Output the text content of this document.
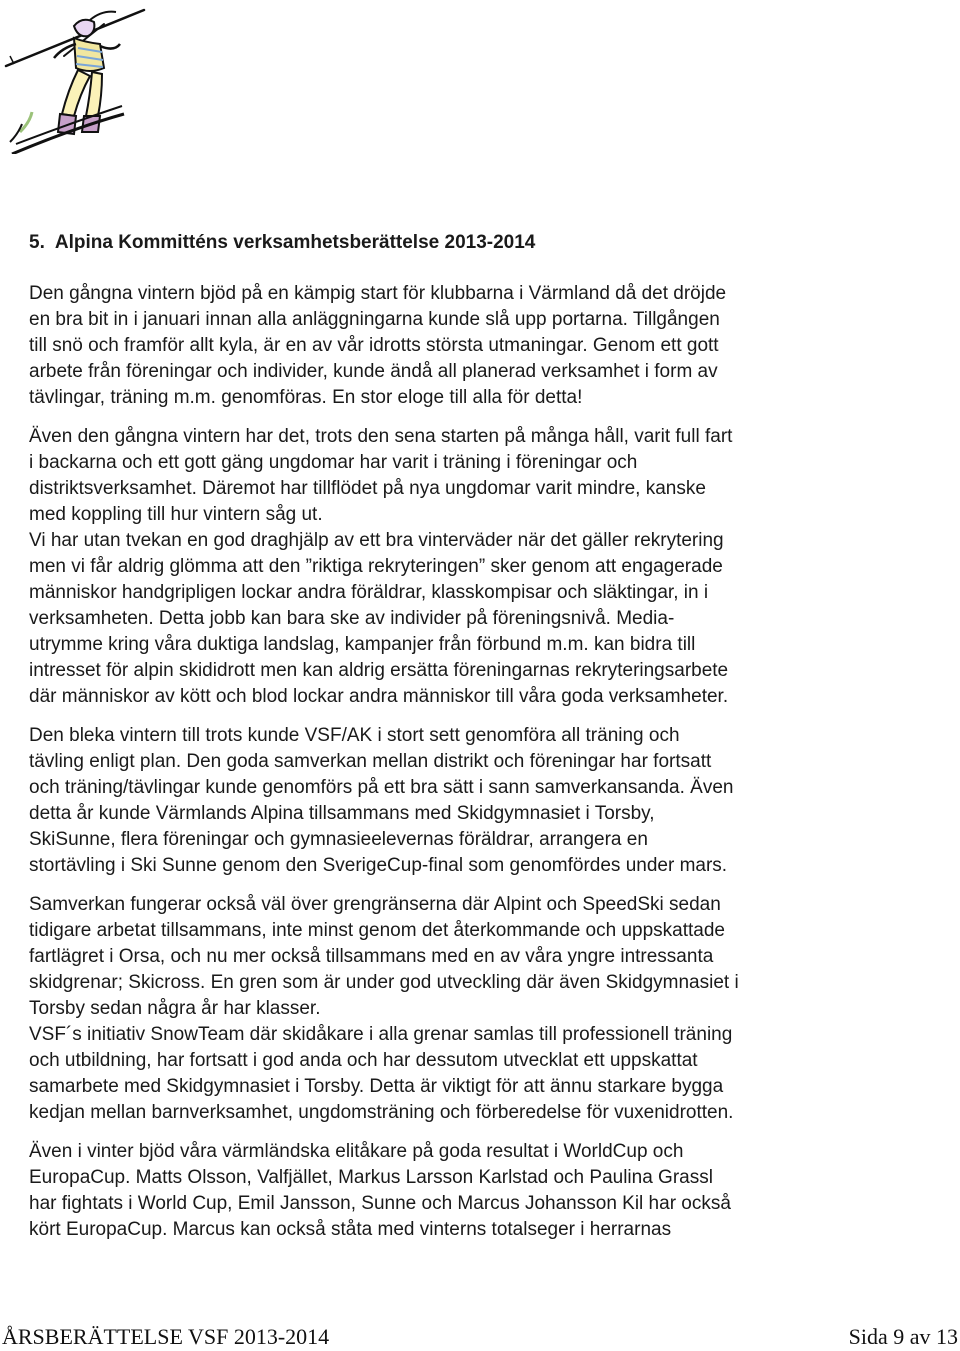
5. Alpina Kommitténs verksamhetsberättelse 2013-2014

Den gångna vintern bjöd på en kämpig start för klubbarna i Värmland då det dröjde
en bra bit in i januari innan alla anläggningarna kunde slå upp portarna. Tillgången
till snö och framför allt kyla, är en av vår idrotts största utmaningar. Genom ett gott
arbete från föreningar och individer, kunde ändå all planerad verksamhet i form av
tävlingar, träning m.m. genomföras. En stor eloge till alla för detta!

Även den gångna vintern har det, trots den sena starten på många håll, varit full fart
i backarna och ett gott gäng ungdomar har varit i träning i föreningar och
distriktsverksamhet. Däremot har tillflödet på nya ungdomar varit mindre, kanske
med koppling till hur vintern såg ut.

Vi har utan tvekan en god draghjälp av ett bra vinterväder när det gäller rekrytering
men vi får aldrig glömma att den ”riktiga rekryteringen” sker genom att engagerade
människor handgripligen lockar andra föräldrar, klasskompisar och släktingar, in i
verksamheten. Detta jobb kan bara ske av individer på föreningsnivå. Media-
utrymme kring våra duktiga landslag, kampanjer från förbund m.m. kan bidra till
intresset för alpin skididrott men kan aldrig ersätta föreningarnas rekryteringsarbete
där människor av kött och blod lockar andra människor till våra goda verksamheter.

Den bleka vintern till trots kunde VSF/AK i stort sett genomföra all träning och
tävling enligt plan. Den goda samverkan mellan distrikt och föreningar har fortsatt
och träning/tävlingar kunde genomförs på ett bra sätt i sann samverkansanda. Även
detta år kunde Värmlands Alpina tillsammans med Skidgymnasiet i Torsby,
SkiSunne, flera föreningar och gymnasieelevernas föräldrar, arrangera en
stortävling i Ski Sunne genom den SverigeCup-final som genomfördes under mars.

Samverkan fungerar också väl över grengränserna där Alpint och SpeedSki sedan
tidigare arbetat tillsammans, inte minst genom det återkommande och uppskattade
fartlägret i Orsa, och nu mer också tillsammans med en av våra yngre intressanta
skidgrenar; Skicross. En gren som är under god utveckling där även Skidgymnasiet i
Torsby sedan några år har klasser.

VSF´s initiativ SnowTeam där skidåkare i alla grenar samlas till professionell träning
och utbildning, har fortsatt i god anda och har dessutom utvecklat ett uppskattat
samarbete med Skidgymnasiet i Torsby. Detta är viktigt för att ännu starkare bygga
kedjan mellan barnverksamhet, ungdomsträning och förberedelse för vuxenidrotten.

Även i vinter bjöd våra värmländska elitåkare på goda resultat i WorldCup och
EuropaCup. Matts Olsson, Valfjället, Markus Larsson Karlstad och Paulina Grassl
har fightats i World Cup, Emil Jansson, Sunne och Marcus Johansson Kil har också
kört EuropaCup. Marcus kan också ståta med vinterns totalseger i herrarnas

ÅRSBERÄTTELSE VSF 2013-2014	Sida 9 av 13
